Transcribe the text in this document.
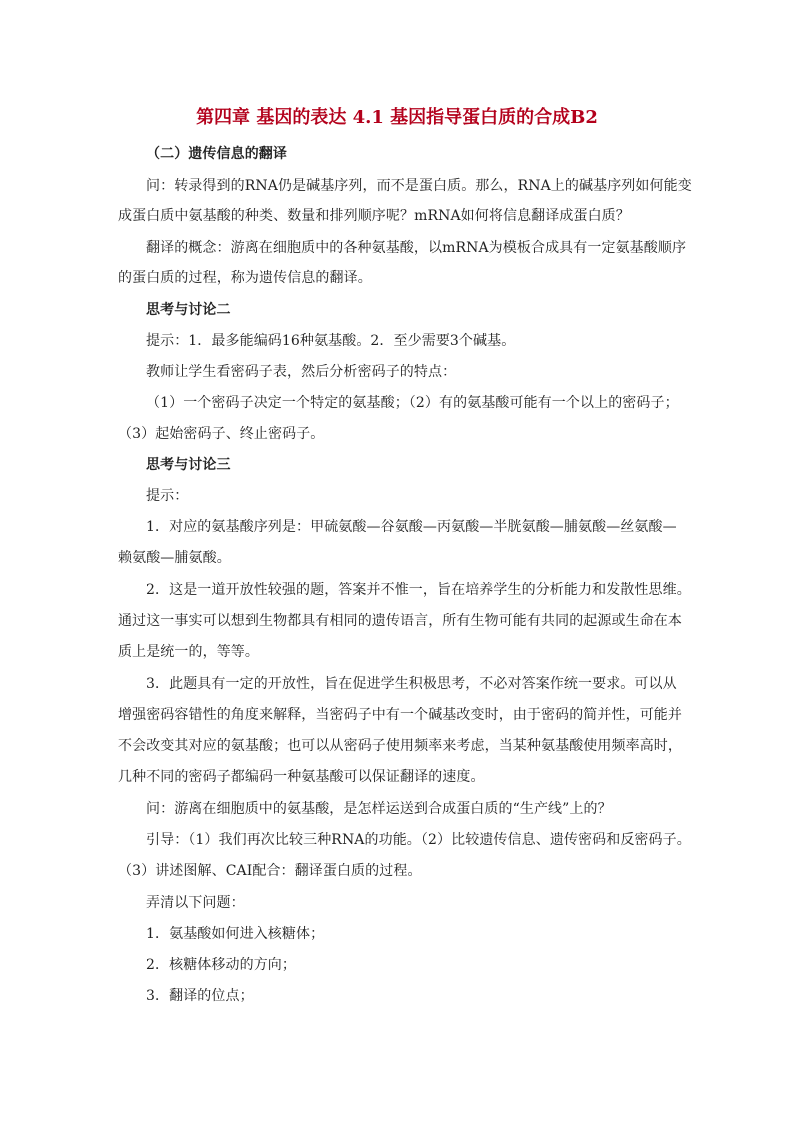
第四章 基因的表达 4.1 基因指导蛋白质的合成B2

（二）遗传信息的翻译

问：转录得到的RNA仍是碱基序列，而不是蛋白质。那么，RNA上的碱基序列如何能变

成蛋白质中氨基酸的种类、数量和排列顺序呢？mRNA如何将信息翻译成蛋白质？

翻译的概念：游离在细胞质中的各种氨基酸，以mRNA为模板合成具有一定氨基酸顺序

的蛋白质的过程，称为遗传信息的翻译。

思考与讨论二

提示：1．最多能编码16种氨基酸。2．至少需要3个碱基。

教师让学生看密码子表，然后分析密码子的特点：

（1）一个密码子决定一个特定的氨基酸；（2）有的氨基酸可能有一个以上的密码子；

（3）起始密码子、终止密码子。

思考与讨论三

提示：

1．对应的氨基酸序列是：甲硫氨酸—谷氨酸—丙氨酸—半胱氨酸—脯氨酸—丝氨酸—

赖氨酸—脯氨酸。

2．这是一道开放性较强的题，答案并不惟一，旨在培养学生的分析能力和发散性思维。

通过这一事实可以想到生物都具有相同的遗传语言，所有生物可能有共同的起源或生命在本

质上是统一的，等等。

3．此题具有一定的开放性，旨在促进学生积极思考，不必对答案作统一要求。可以从

增强密码容错性的角度来解释，当密码子中有一个碱基改变时，由于密码的简并性，可能并

不会改变其对应的氨基酸；也可以从密码子使用频率来考虑，当某种氨基酸使用频率高时，

几种不同的密码子都编码一种氨基酸可以保证翻译的速度。

问：游离在细胞质中的氨基酸，是怎样运送到合成蛋白质的“生产线”上的？

引导：（1）我们再次比较三种RNA的功能。（2）比较遗传信息、遗传密码和反密码子。

（3）讲述图解、CAI配合：翻译蛋白质的过程。

弄清以下问题：

1．氨基酸如何进入核糖体；

2．核糖体移动的方向；

3．翻译的位点；
